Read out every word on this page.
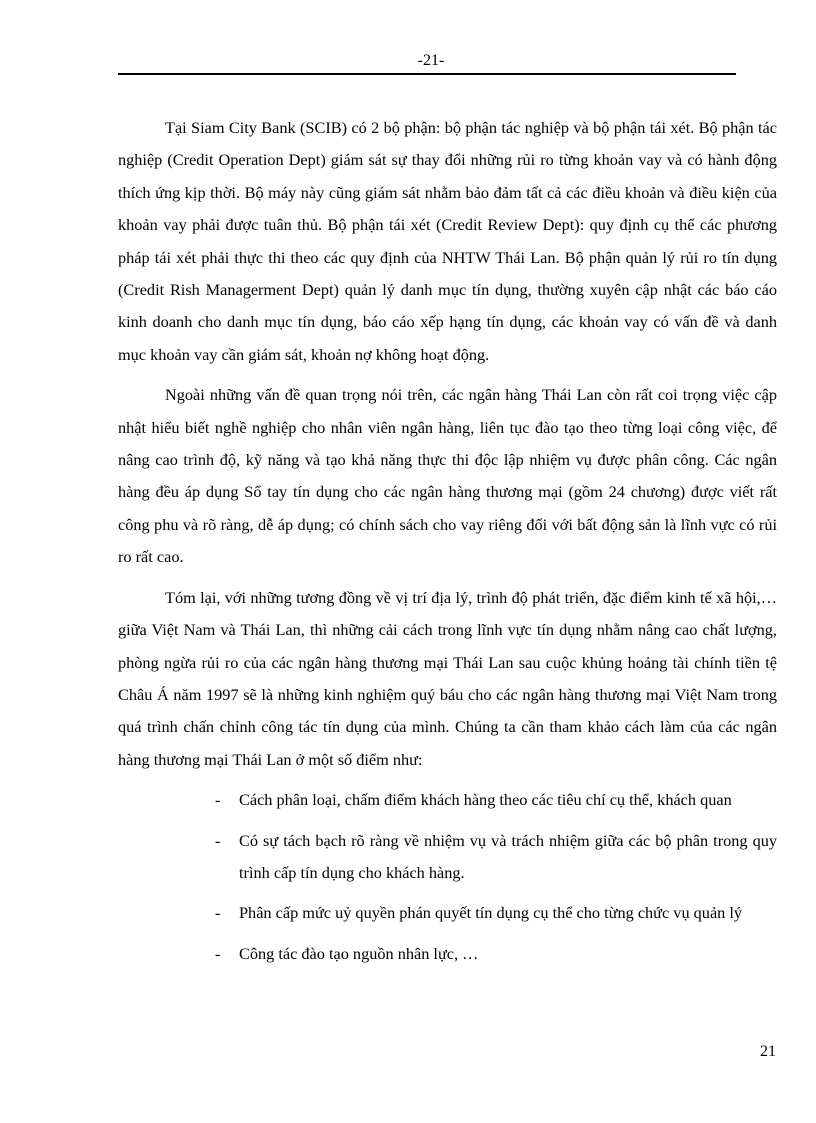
-21-

Tại Siam City Bank (SCIB) có 2 bộ phận: bộ phận tác nghiệp và bộ phận tái xét. Bộ phận tác nghiệp (Credit Operation Dept) giám sát sự thay đổi những rủi ro từng khoản vay và có hành động thích ứng kịp thời. Bộ máy này cũng giám sát nhằm bảo đảm tất cả các điều khoản và điều kiện của khoản vay phải được tuân thủ. Bộ phận tái xét (Credit Review Dept): quy định cụ thể các phương pháp tái xét phải thực thi theo các quy định của NHTW Thái Lan. Bộ phận quản lý rủi ro tín dụng (Credit Rish Managerment Dept) quản lý danh mục tín dụng, thường xuyên cập nhật các báo cáo kinh doanh cho danh mục tín dụng, báo cáo xếp hạng tín dụng, các khoản vay có vấn đề và danh mục khoản vay cần giám sát, khoản nợ không hoạt động.

Ngoài những vấn đề quan trọng nói trên, các ngân hàng Thái Lan còn rất coi trọng việc cập nhật hiểu biết nghề nghiệp cho nhân viên ngân hàng, liên tục đào tạo theo từng loại công việc, để nâng cao trình độ, kỹ năng và tạo khả năng thực thi độc lập nhiệm vụ được phân công. Các ngân hàng đều áp dụng Sổ tay tín dụng cho các ngân hàng thương mại (gồm 24 chương) được viết rất công phu và rõ ràng, dễ áp dụng; có chính sách cho vay riêng đối với bất động sản là lĩnh vực có rủi ro rất cao.

Tóm lại, với những tương đồng về vị trí địa lý, trình độ phát triển, đặc điểm kinh tế xã hội,… giữa Việt Nam và Thái Lan, thì những cải cách trong lĩnh vực tín dụng nhằm nâng cao chất lượng, phòng ngừa rủi ro của các ngân hàng thương mại Thái Lan sau cuộc khủng hoảng tài chính tiền tệ Châu Á năm 1997 sẽ là những kinh nghiệm quý báu cho các ngân hàng thương mại Việt Nam trong quá trình chấn chỉnh công tác tín dụng của mình. Chúng ta cần tham khảo cách làm của các ngân hàng thương mại Thái Lan ở một số điểm như:

- Cách phân loại, chấm điểm khách hàng theo các tiêu chí cụ thể, khách quan
- Có sự tách bạch rõ ràng về nhiệm vụ và trách nhiệm giữa các bộ phân trong quy trình cấp tín dụng cho khách hàng.
- Phân cấp mức uỷ quyền phán quyết tín dụng cụ thể cho từng chức vụ quản lý
- Công tác đào tạo nguồn nhân lực, …
21
